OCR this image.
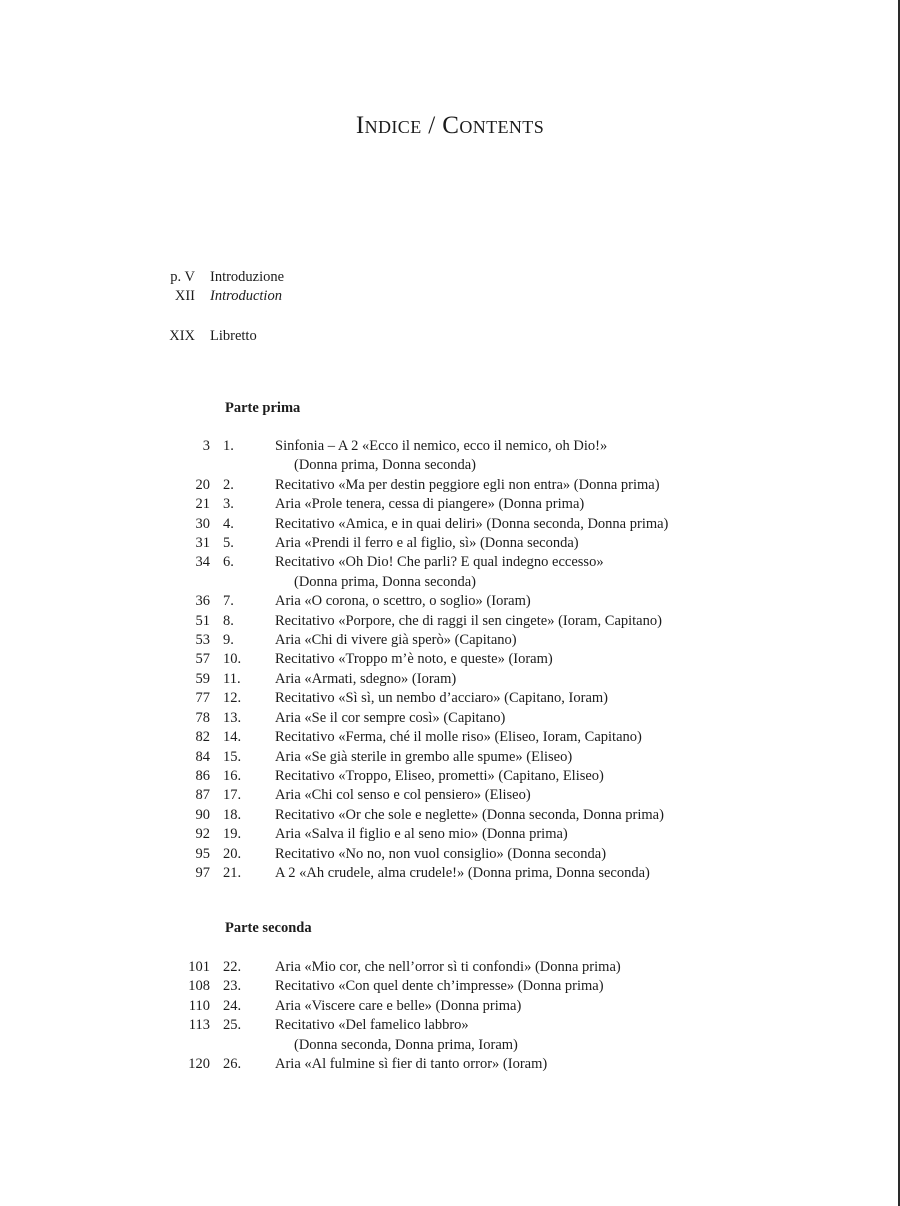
Indice / Contents
p. V	Introduzione
XII	Introduction
XIX	Libretto
Parte prima
3 1.	Sinfonia – A 2 «Ecco il nemico, ecco il nemico, oh Dio!»
(Donna prima, Donna seconda)
20 2.	Recitativo «Ma per destin peggiore egli non entra» (Donna prima)
21 3.	Aria «Prole tenera, cessa di piangere» (Donna prima)
30 4.	Recitativo «Amica, e in quai deliri» (Donna seconda, Donna prima)
31 5.	Aria «Prendi il ferro e al figlio, sì» (Donna seconda)
34 6.	Recitativo «Oh Dio! Che parli? E qual indegno eccesso»
(Donna prima, Donna seconda)
36 7.	Aria «O corona, o scettro, o soglio» (Ioram)
51 8.	Recitativo «Porpore, che di raggi il sen cingete» (Ioram, Capitano)
53 9.	Aria «Chi di vivere già sperò» (Capitano)
57 10.	Recitativo «Troppo m’è noto, e queste» (Ioram)
59 11.	Aria «Armati, sdegno» (Ioram)
77 12.	Recitativo «Sì sì, un nembo d’acciaro» (Capitano, Ioram)
78 13.	Aria «Se il cor sempre così» (Capitano)
82 14.	Recitativo «Ferma, ché il molle riso» (Eliseo, Ioram, Capitano)
84 15.	Aria «Se già sterile in grembo alle spume» (Eliseo)
86 16.	Recitativo «Troppo, Eliseo, prometti» (Capitano, Eliseo)
87 17.	Aria «Chi col senso e col pensiero» (Eliseo)
90 18.	Recitativo «Or che sole e neglette» (Donna seconda, Donna prima)
92 19.	Aria «Salva il figlio e al seno mio» (Donna prima)
95 20.	Recitativo «No no, non vuol consiglio» (Donna seconda)
97 21.	A 2 «Ah crudele, alma crudele!» (Donna prima, Donna seconda)
Parte seconda
101 22.	Aria «Mio cor, che nell’orror sì ti confondi» (Donna prima)
108 23.	Recitativo «Con quel dente ch’impresse» (Donna prima)
110 24.	Aria «Viscere care e belle» (Donna prima)
113 25.	Recitativo «Del famelico labbro»
(Donna seconda, Donna prima, Ioram)
120 26.	Aria «Al fulmine sì fier di tanto orror» (Ioram)
